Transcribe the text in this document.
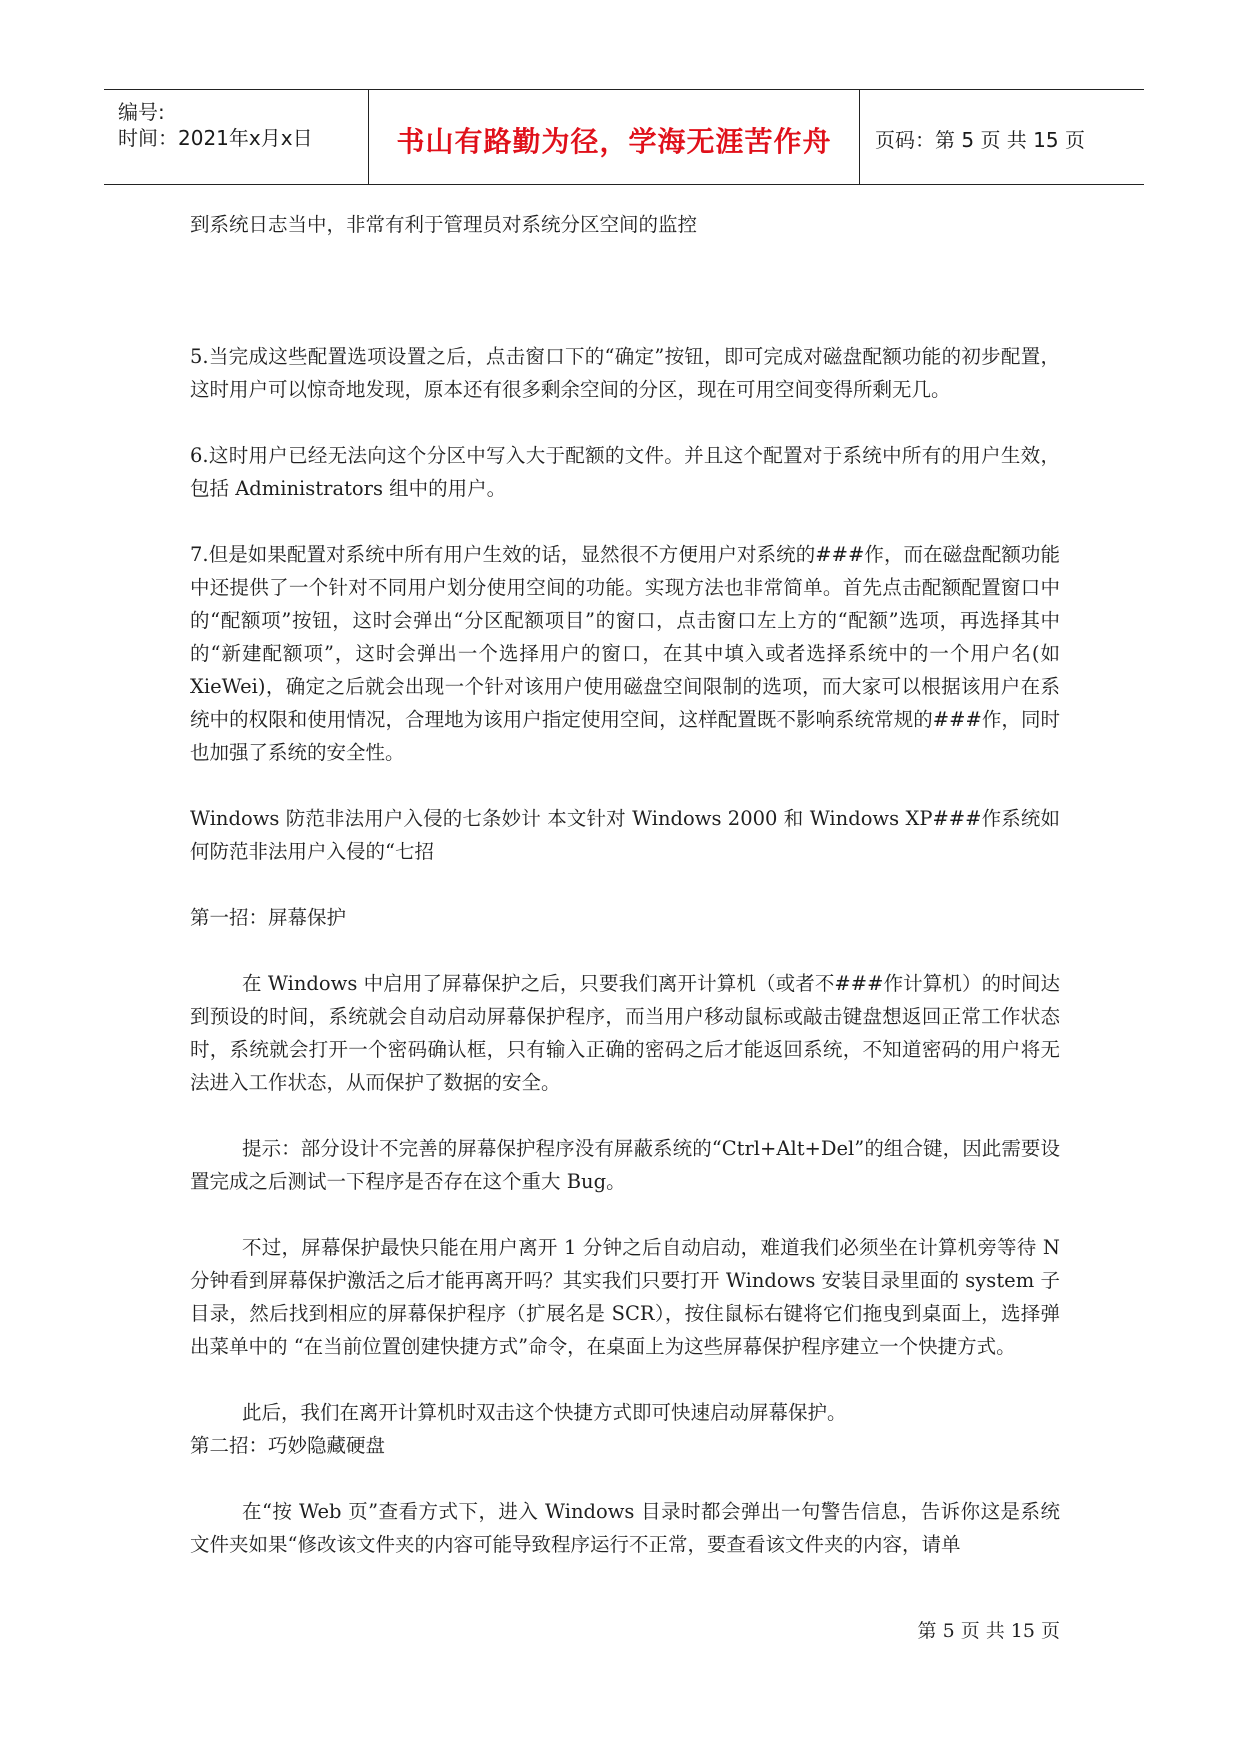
编号:
时间：2021年x月x日	书山有路勤为径，学海无涯苦作舟	页码：第 5 页 共 15 页

到系统日志当中，非常有利于管理员对系统分区空间的监控

5.当完成这些配置选项设置之后，点击窗口下的“确定”按钮，即可完成对磁盘配额功能的初步配置，这时用户可以惊奇地发现，原本还有很多剩余空间的分区，现在可用空间变得所剩无几。

6.这时用户已经无法向这个分区中写入大于配额的文件。并且这个配置对于系统中所有的用户生效，包括 Administrators 组中的用户。

7.但是如果配置对系统中所有用户生效的话，显然很不方便用户对系统的###作，而在磁盘配额功能中还提供了一个针对不同用户划分使用空间的功能。实现方法也非常简单。首先点击配额配置窗口中的“配额项”按钮，这时会弹出“分区配额项目”的窗口，点击窗口左上方的“配额”选项，再选择其中的“新建配额项”，这时会弹出一个选择用户的窗口，在其中填入或者选择系统中的一个用户名(如 XieWei)，确定之后就会出现一个针对该用户使用磁盘空间限制的选项，而大家可以根据该用户在系统中的权限和使用情况，合理地为该用户指定使用空间，这样配置既不影响系统常规的###作，同时也加强了系统的安全性。

Windows 防范非法用户入侵的七条妙计 本文针对 Windows 2000 和 Windows XP###作系统如何防范非法用户入侵的“七招

第一招：屏幕保护

在 Windows 中启用了屏幕保护之后，只要我们离开计算机（或者不###作计算机）的时间达到预设的时间，系统就会自动启动屏幕保护程序，而当用户移动鼠标或敲击键盘想返回正常工作状态时，系统就会打开一个密码确认框，只有输入正确的密码之后才能返回系统，不知道密码的用户将无法进入工作状态，从而保护了数据的安全。

提示：部分设计不完善的屏幕保护程序没有屏蔽系统的“Ctrl+Alt+Del”的组合键，因此需要设置完成之后测试一下程序是否存在这个重大 Bug。

不过，屏幕保护最快只能在用户离开 1 分钟之后自动启动，难道我们必须坐在计算机旁等待 N 分钟看到屏幕保护激活之后才能再离开吗？其实我们只要打开 Windows 安装目录里面的 system 子目录，然后找到相应的屏幕保护程序（扩展名是 SCR），按住鼠标右键将它们拖曳到桌面上，选择弹出菜单中的 “在当前位置创建快捷方式”命令，在桌面上为这些屏幕保护程序建立一个快捷方式。

此后，我们在离开计算机时双击这个快捷方式即可快速启动屏幕保护。

第二招：巧妙隐藏硬盘

在“按 Web 页”查看方式下，进入 Windows 目录时都会弹出一句警告信息，告诉你这是系统文件夹如果“修改该文件夹的内容可能导致程序运行不正常，要查看该文件夹的内容，请单

第 5 页 共 15 页
